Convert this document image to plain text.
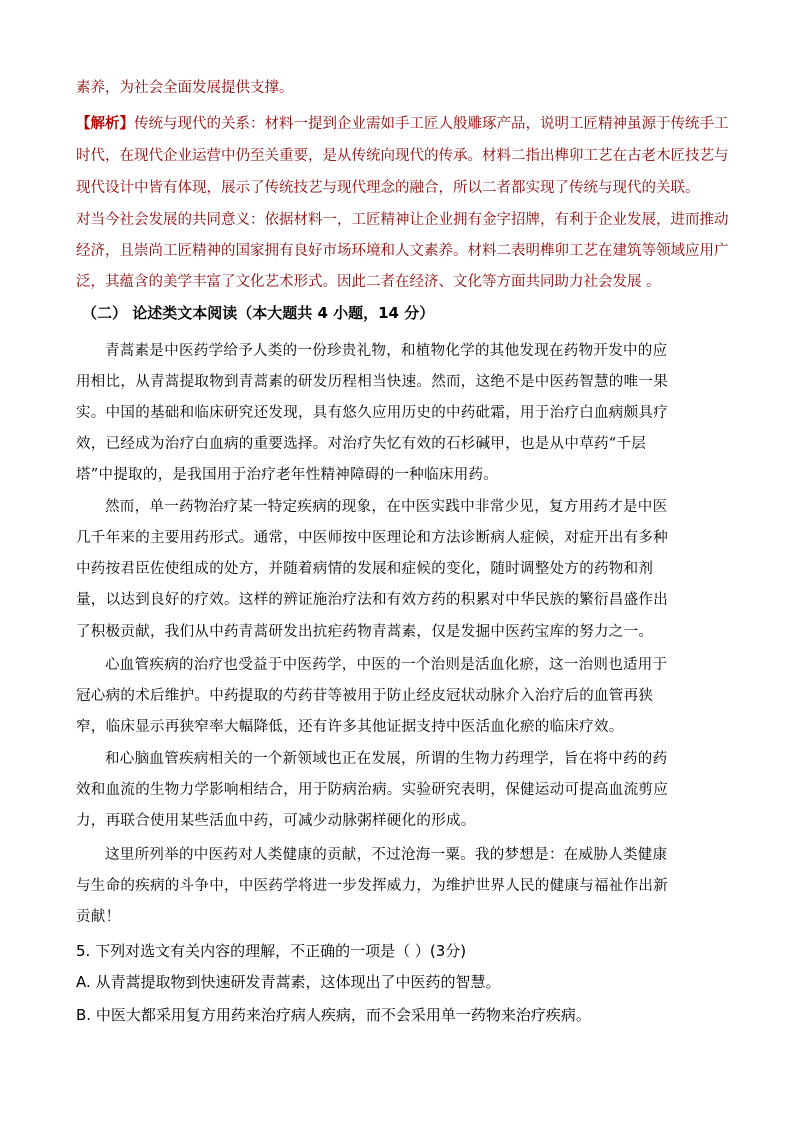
素养，为社会全面发展提供支撑。
【解析】传统与现代的关系：材料一提到企业需如手工匠人般雕琢产品，说明工匠精神虽源于传统手工
时代，在现代企业运营中仍至关重要，是从传统向现代的传承。材料二指出榫卯工艺在古老木匠技艺与
现代设计中皆有体现，展示了传统技艺与现代理念的融合，所以二者都实现了传统与现代的关联。
对当今社会发展的共同意义：依据材料一，工匠精神让企业拥有金字招牌，有利于企业发展，进而推动
经济，且崇尚工匠精神的国家拥有良好市场环境和人文素养。材料二表明榫卯工艺在建筑等领域应用广
泛，其蕴含的美学丰富了文化艺术形式。因此二者在经济、文化等方面共同助力社会发展 。
（二） 论述类文本阅读（本大题共 4 小题，14 分）
青蒿素是中医药学给予人类的一份珍贵礼物，和植物化学的其他发现在药物开发中的应
用相比，从青蒿提取物到青蒿素的研发历程相当快速。然而，这绝不是中医药智慧的唯一果
实。中国的基础和临床研究还发现，具有悠久应用历史的中药砒霜，用于治疗白血病颇具疗
效，已经成为治疗白血病的重要选择。对治疗失忆有效的石杉碱甲，也是从中草药“千层
塔”中提取的，是我国用于治疗老年性精神障碍的一种临床用药。
然而，单一药物治疗某一特定疾病的现象，在中医实践中非常少见，复方用药才是中医
几千年来的主要用药形式。通常，中医师按中医理论和方法诊断病人症候，对症开出有多种
中药按君臣佐使组成的处方，并随着病情的发展和症候的变化，随时调整处方的药物和剂
量，以达到良好的疗效。这样的辨证施治疗法和有效方药的积累对中华民族的繁衍昌盛作出
了积极贡献，我们从中药青蒿研发出抗疟药物青蒿素，仅是发掘中医药宝库的努力之一。
心血管疾病的治疗也受益于中医药学，中医的一个治则是活血化瘀，这一治则也适用于
冠心病的术后维护。中药提取的芍药苷等被用于防止经皮冠状动脉介入治疗后的血管再狭
窄，临床显示再狭窄率大幅降低，还有许多其他证据支持中医活血化瘀的临床疗效。
和心脑血管疾病相关的一个新领域也正在发展，所谓的生物力药理学，旨在将中药的药
效和血流的生物力学影响相结合，用于防病治病。实验研究表明，保健运动可提高血流剪应
力，再联合使用某些活血中药，可减少动脉粥样硬化的形成。
这里所列举的中医药对人类健康的贡献，不过沧海一粟。我的梦想是：在威胁人类健康
与生命的疾病的斗争中，中医药学将进一步发挥威力，为维护世界人民的健康与福祉作出新
贡献！
5. 下列对选文有关内容的理解，不正确的一项是（ ）(3分)
A. 从青蒿提取物到快速研发青蒿素，这体现出了中医药的智慧。
B. 中医大都采用复方用药来治疗病人疾病，而不会采用单一药物来治疗疾病。
